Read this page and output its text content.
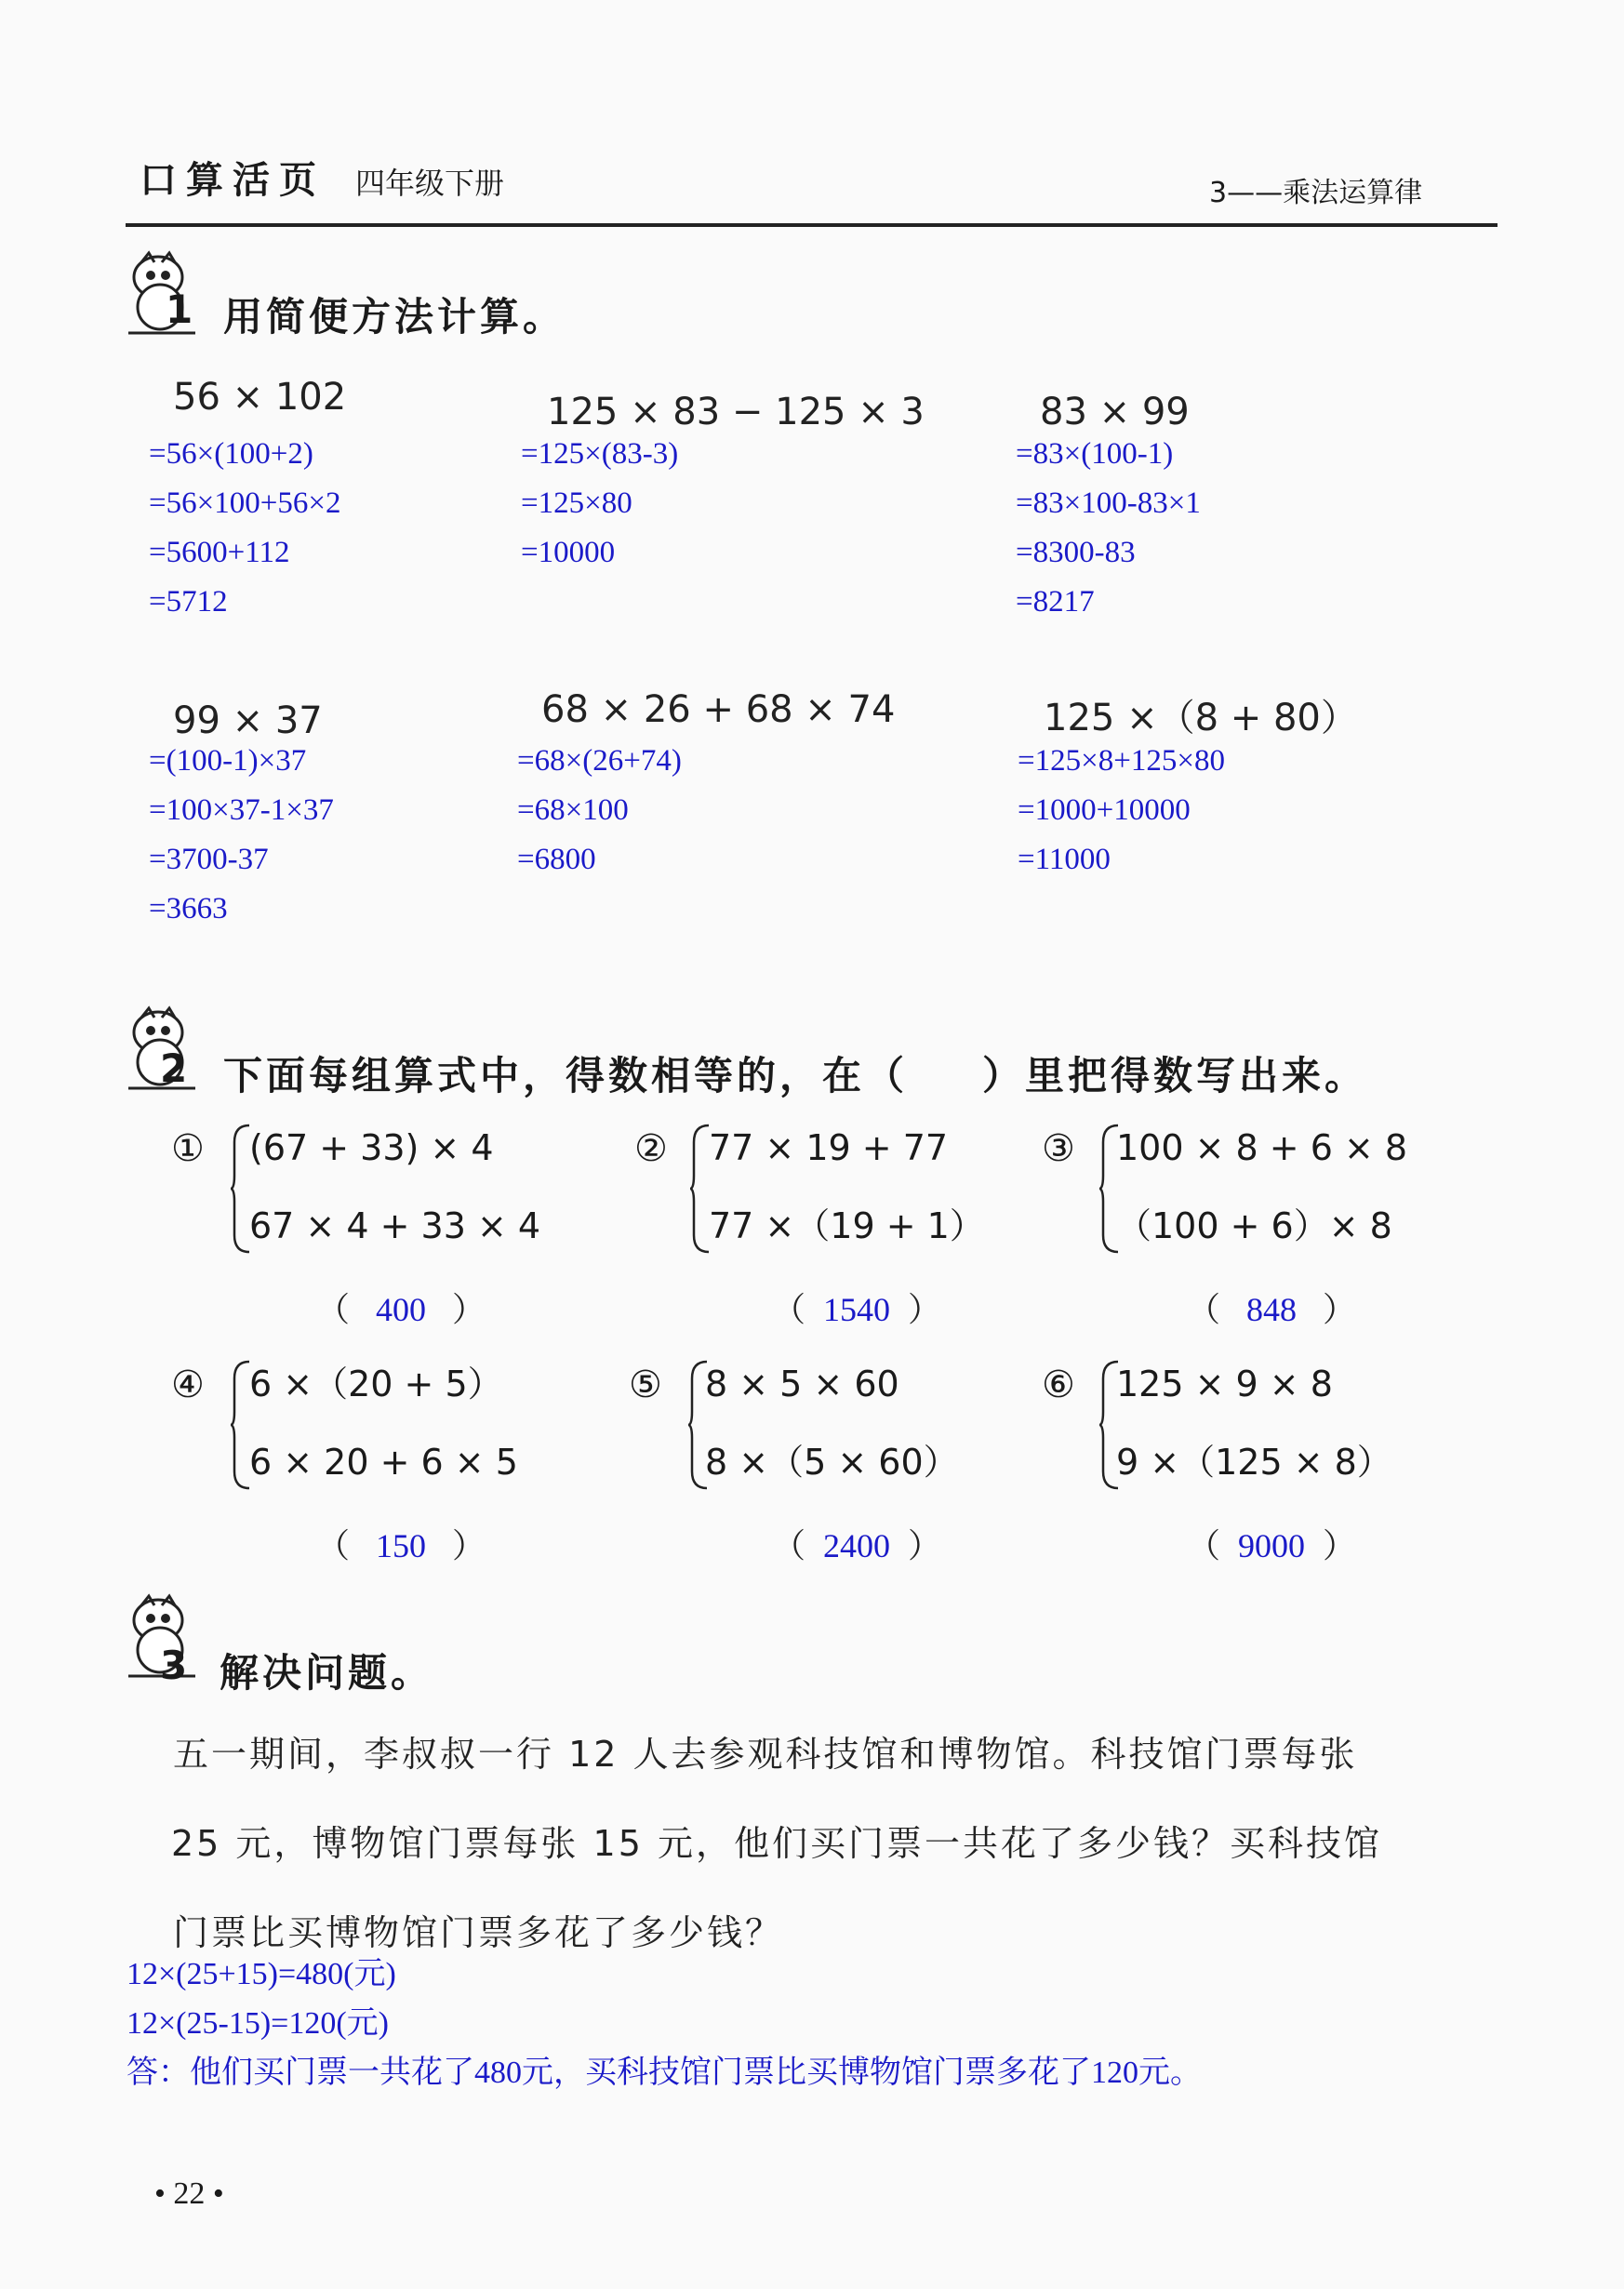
口算活页 四年级下册	3——乘法运算律
1 用简便方法计算。
56 × 102
=56×(100+2)
=56×100+56×2
=5600+112
=5712
125 × 83 − 125 × 3
=125×(83-3)
=125×80
=10000
83 × 99
=83×(100-1)
=83×100-83×1
=8300-83
=8217
99 × 37
=(100-1)×37
=100×37-1×37
=3700-37
=3663
68 × 26 + 68 × 74
=68×(26+74)
=68×100
=6800
125 ×（8 + 80）
=125×8+125×80
=1000+10000
=11000
2 下面每组算式中，得数相等的，在（ ）里把得数写出来。
① (67 + 33) × 4
67 × 4 + 33 × 4
（ 400 ）
② 77 × 19 + 77
77 ×（19 + 1）
（ 1540 ）
③ 100 × 8 + 6 × 8
（100 + 6）× 8
（ 848 ）
④ 6 ×（20 + 5）
6 × 20 + 6 × 5
（ 150 ）
⑤ 8 × 5 × 60
8 ×（5 × 60）
（ 2400 ）
⑥ 125 × 9 × 8
9 ×（125 × 8）
（ 9000 ）
3 解决问题。
五一期间，李叔叔一行 12 人去参观科技馆和博物馆。科技馆门票每张
25 元，博物馆门票每张 15 元，他们买门票一共花了多少钱？买科技馆
门票比买博物馆门票多花了多少钱？
12×(25+15)=480(元)
12×(25-15)=120(元)
答：他们买门票一共花了480元，买科技馆门票比买博物馆门票多花了120元。
• 22 •
